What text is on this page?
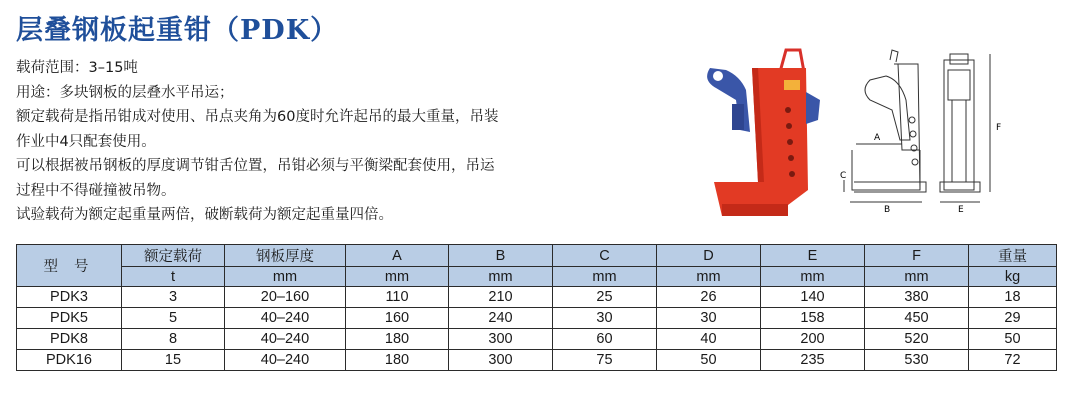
层叠钢板起重钳（PDK）
载荷范围：3–15吨
用途：多块钢板的层叠水平吊运；
额定载荷是指吊钳成对使用、吊点夹角为60度时允许起吊的最大重量，吊装
作业中4只配套使用。
可以根据被吊钢板的厚度调节钳舌位置，吊钳必须与平衡梁配套使用，吊运
过程中不得碰撞被吊物。
试验载荷为额定起重量两倍，破断载荷为额定起重量四倍。
A
B
C
E
F
型 号	额定载荷	钢板厚度	A	B	C	D	E	F	重量
	t	mm	mm	mm	mm	mm	mm	mm	kg
PDK3	3	20–160	110	210	25	26	140	380	18
PDK5	5	40–240	160	240	30	30	158	450	29
PDK8	8	40–240	180	300	60	40	200	520	50
PDK16	15	40–240	180	300	75	50	235	530	72
